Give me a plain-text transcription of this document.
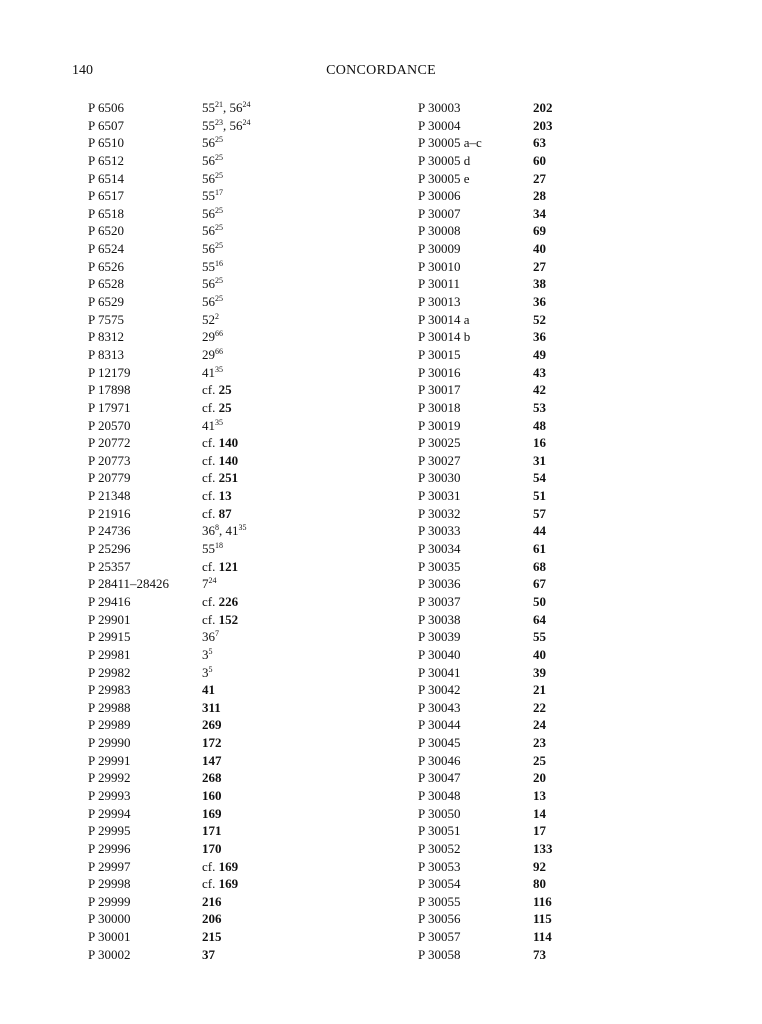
140	CONCORDANCE
P 6506	$55^{21}$, $56^{24}$
P 6507	$55^{23}$, $56^{24}$
P 6510	$56^{25}$
P 6512	$56^{25}$
P 6514	$56^{25}$
P 6517	$55^{17}$
P 6518	$56^{25}$
P 6520	$56^{25}$
P 6524	$56^{25}$
P 6526	$55^{16}$
P 6528	$56^{25}$
P 6529	$56^{25}$
P 7575	$52^2$
P 8312	$29^{66}$
P 8313	$29^{66}$
P 12179	$41^{35}$
P 17898	cf. 25
P 17971	cf. 25
P 20570	$41^{35}$
P 20772	cf. 140
P 20773	cf. 140
P 20779	cf. 251
P 21348	cf. 13
P 21916	cf. 87
P 24736	$36^8$, $41^{35}$
P 25296	$55^{18}$
P 25357	cf. 121
P 28411–28426	$7^{24}$
P 29416	cf. 226
P 29901	cf. 152
P 29915	$36^7$
P 29981	$3^5$
P 29982	$3^5$
P 29983	41
P 29988	311
P 29989	269
P 29990	172
P 29991	147
P 29992	268
P 29993	160
P 29994	169
P 29995	171
P 29996	170
P 29997	cf. 169
P 29998	cf. 169
P 29999	216
P 30000	206
P 30001	215
P 30002	37
P 30003	202
P 30004	203
P 30005 a–c	63
P 30005 d	60
P 30005 e	27
P 30006	28
P 30007	34
P 30008	69
P 30009	40
P 30010	27
P 30011	38
P 30013	36
P 30014 a	52
P 30014 b	36
P 30015	49
P 30016	43
P 30017	42
P 30018	53
P 30019	48
P 30025	16
P 30027	31
P 30030	54
P 30031	51
P 30032	57
P 30033	44
P 30034	61
P 30035	68
P 30036	67
P 30037	50
P 30038	64
P 30039	55
P 30040	40
P 30041	39
P 30042	21
P 30043	22
P 30044	24
P 30045	23
P 30046	25
P 30047	20
P 30048	13
P 30050	14
P 30051	17
P 30052	133
P 30053	92
P 30054	80
P 30055	116
P 30056	115
P 30057	114
P 30058	73
